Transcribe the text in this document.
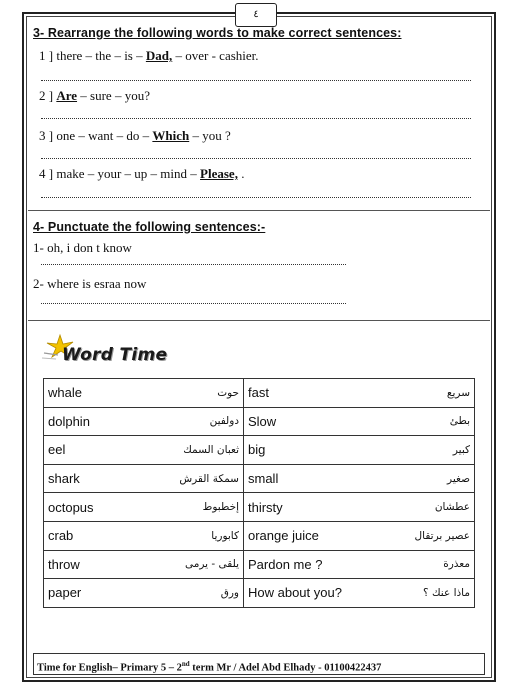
٤
3- Rearrange the following words to make correct sentences:
1 ] there – the – is – Dad, – over - cashier.
2 ] Are – sure – you?
3 ] one – want – do – Which – you ?
4 ] make – your – up – mind – Please, .
4- Punctuate the following sentences:-
1- oh, i don t know
2- where is esraa now
Word Time
whale	حوت	fast	سريع
dolphin	دولفين	Slow	بطئ
eel	ثعبان السمك	big	كبير
shark	سمكة القرش	small	صغير
octopus	إخطبوط	thirsty	عطشان
crab	كابوريا	orange juice	عصير برتقال
throw	يلقى - يرمى	Pardon me ?	معذرة
paper	ورق	How about you?	ماذا عنك ؟
Time for English– Primary 5 – 2nd term Mr / Adel Abd Elhady - 01100422437
